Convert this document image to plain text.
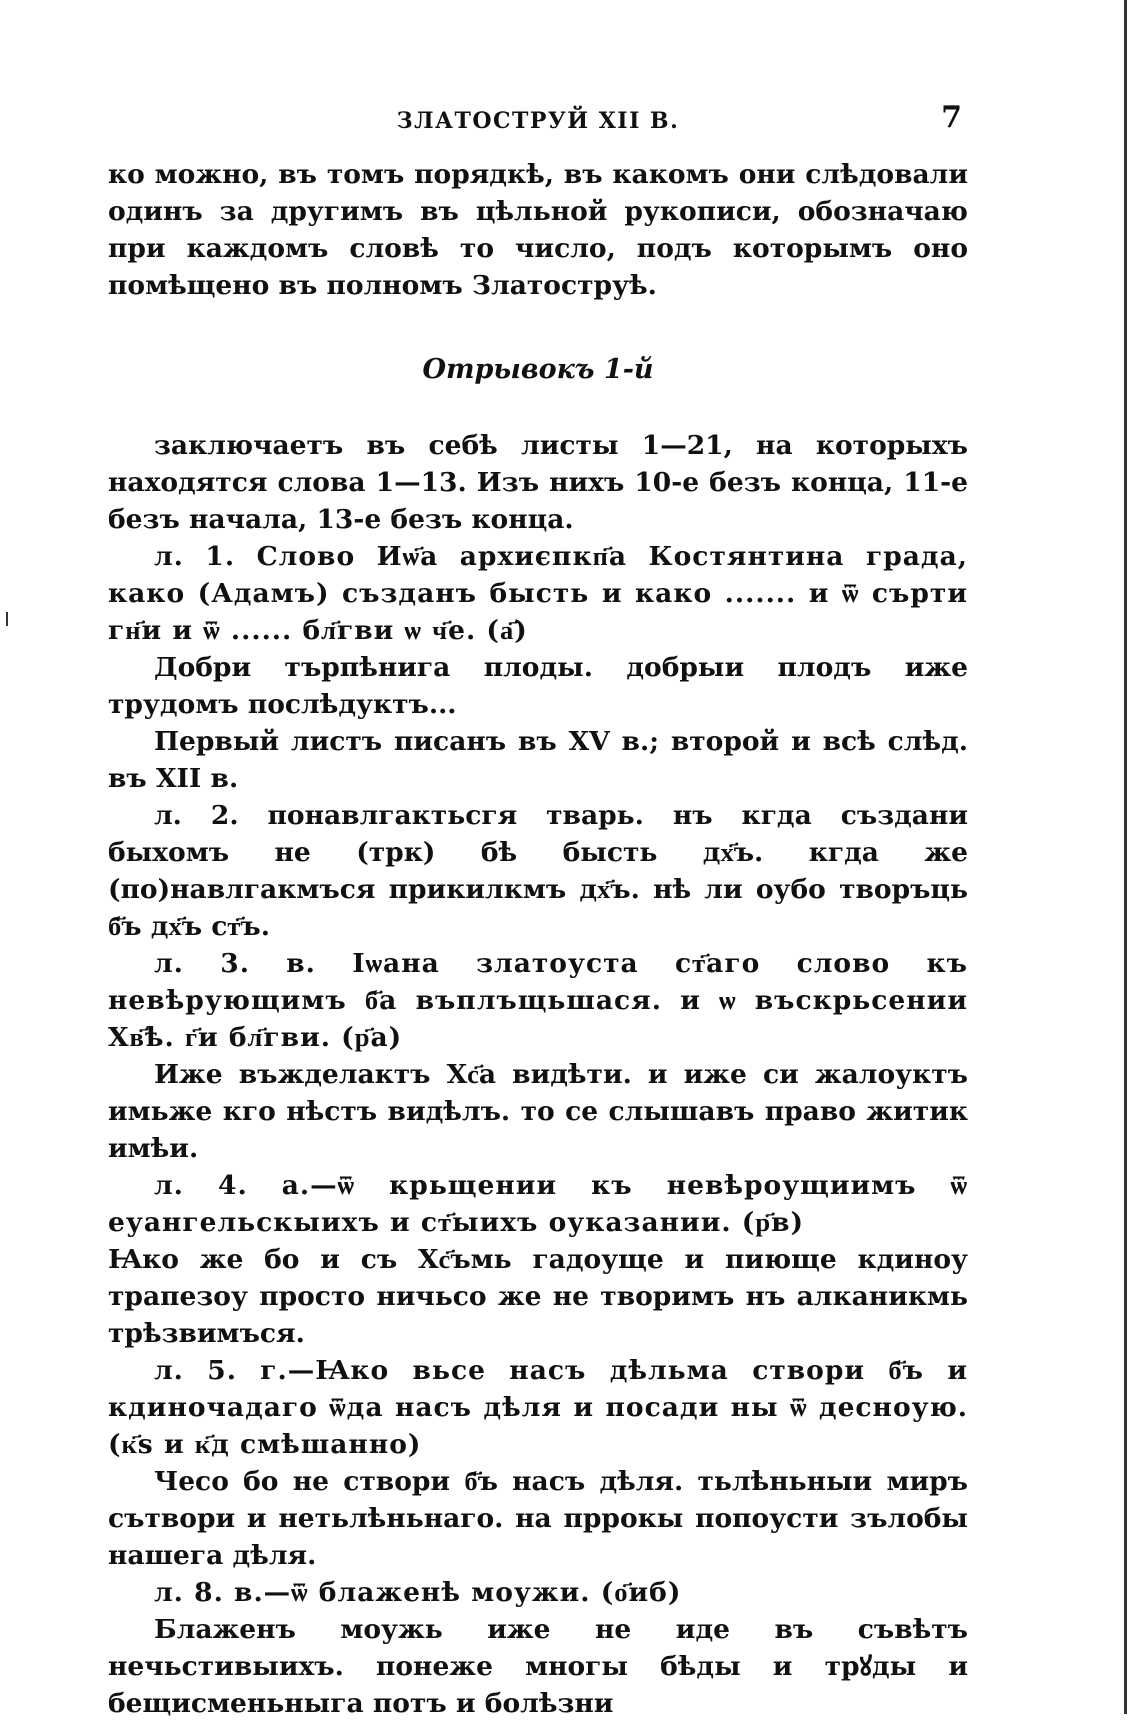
ЗЛАТОСТРУЙ XII В.	7

ко можно, въ томъ порядкѣ, въ какомъ они слѣдовали одинъ за другимъ въ цѣльной рукописи, обозначаю при каждомъ словѣ то число, подъ которымъ оно помѣщено въ полномъ Златоструѣ.

Отрывокъ 1-й

заключаетъ въ себѣ листы 1—21, на которыхъ находятся слова 1—13. Изъ нихъ 10-е безъ конца, 11-е безъ начала, 13-е безъ конца.

л. 1. Слово Иѡ҃а архиєпкп҃а Костянтина града, како (Адамъ) създанъ бысть и како ....... и ѿ сърти гн҃и и ѿ ...... бл҃гви ѡ ч҃е. (а҃)

Добри търпѣнига плоды. добрыи плодъ иже трудомъ послѣдуктъ...

Первый листъ писанъ въ XV в.; второй и всѣ слѣд. въ XII в.

л. 2. понавлгактьсгя тварь. нъ кгда създани быхомъ не (трк) бѣ бысть дх҃ъ. кгда же (по)навлгакмъся прикилкмъ дх҃ъ. нѣ ли оубо творъць б҃ъ дх҃ъ ст҃ъ.

л. 3. в. Іѡана златоуста ст҃аго слово къ невѣрующимъ б҃а въплъщьшася. и ѡ въскрьсении Хв҃ѣ. г҃и бл҃гви. (р҃а)

Иже въжделактъ Хс҃а видѣти. и иже си жалоуктъ имьже кго нѣстъ видѣлъ. то се слышавъ право житик имѣи.

л. 4. а.—ѿ крьщении къ невѣроущиимъ ѿ еуангельскыихъ и ст҃ыихъ оуказании. (р҃в)

Ꙗко же бо и съ Хс҃ъмь гадоуще и пиюще кдиноу трапезоу просто ничьсо же не творимъ нъ алканикмь трѣзвимъся.

л. 5. г.—Ꙗко вьсе насъ дѣльма створи б҃ъ и кдиночадаго ѿда насъ дѣля и посади ны ѿ десноую. (к҃ѕ и к҃д смѣшанно)

Чесо бо не створи б҃ъ насъ дѣля. тьлѣньныи миръ сътвори и нетьлѣньнаго. на пррокы попоусти зълобы нашега дѣля.

л. 8. в.—ѿ блаженѣ моужи. (о҃иб)

Блаженъ моужь иже не иде въ съвѣтъ нечьстивыихъ. понеже многы бѣды и трꙋды и бещисменьныга потъ и болѣзни
